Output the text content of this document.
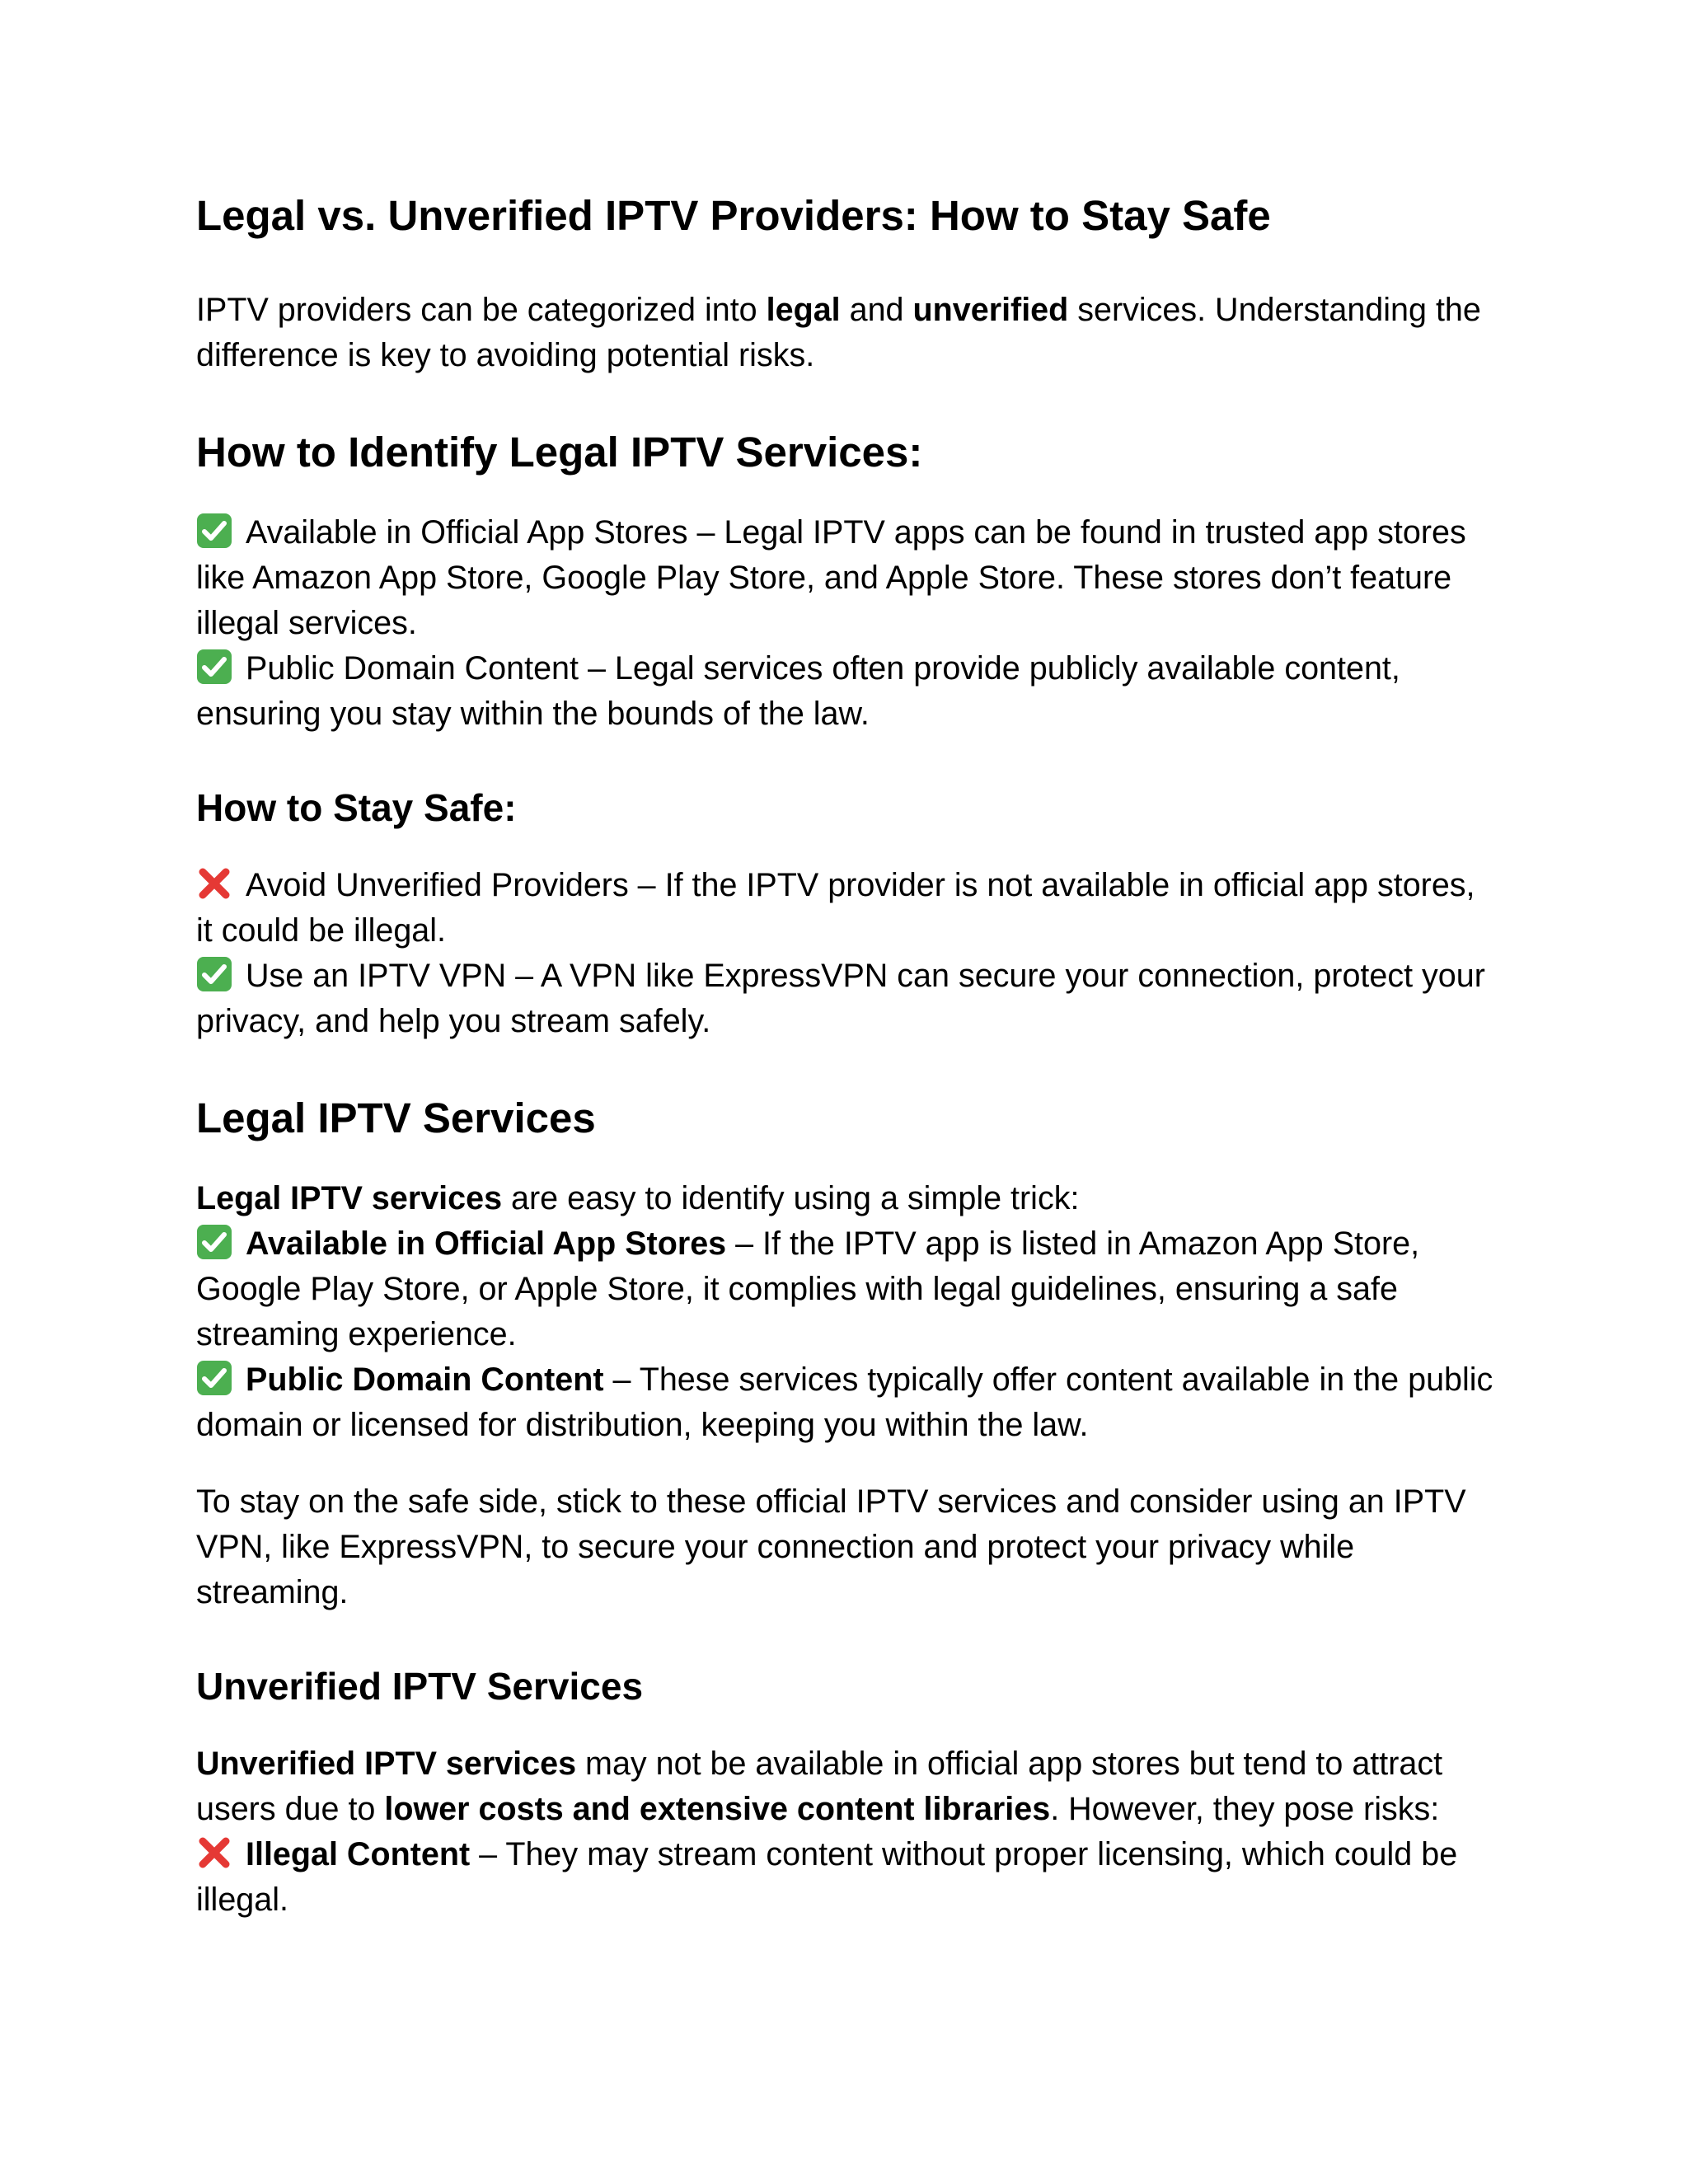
Legal vs. Unverified IPTV Providers: How to Stay Safe

IPTV providers can be categorized into legal and unverified services. Understanding the difference is key to avoiding potential risks.

How to Identify Legal IPTV Services:

Available in Official App Stores – Legal IPTV apps can be found in trusted app stores like Amazon App Store, Google Play Store, and Apple Store. These stores don’t feature illegal services.

Public Domain Content – Legal services often provide publicly available content, ensuring you stay within the bounds of the law.

How to Stay Safe:

Avoid Unverified Providers – If the IPTV provider is not available in official app stores, it could be illegal.

Use an IPTV VPN – A VPN like ExpressVPN can secure your connection, protect your privacy, and help you stream safely.

Legal IPTV Services

Legal IPTV services are easy to identify using a simple trick:

Available in Official App Stores – If the IPTV app is listed in Amazon App Store, Google Play Store, or Apple Store, it complies with legal guidelines, ensuring a safe streaming experience.

Public Domain Content – These services typically offer content available in the public domain or licensed for distribution, keeping you within the law.

To stay on the safe side, stick to these official IPTV services and consider using an IPTV VPN, like ExpressVPN, to secure your connection and protect your privacy while streaming.

Unverified IPTV Services

Unverified IPTV services may not be available in official app stores but tend to attract users due to lower costs and extensive content libraries. However, they pose risks:

Illegal Content – They may stream content without proper licensing, which could be illegal.
